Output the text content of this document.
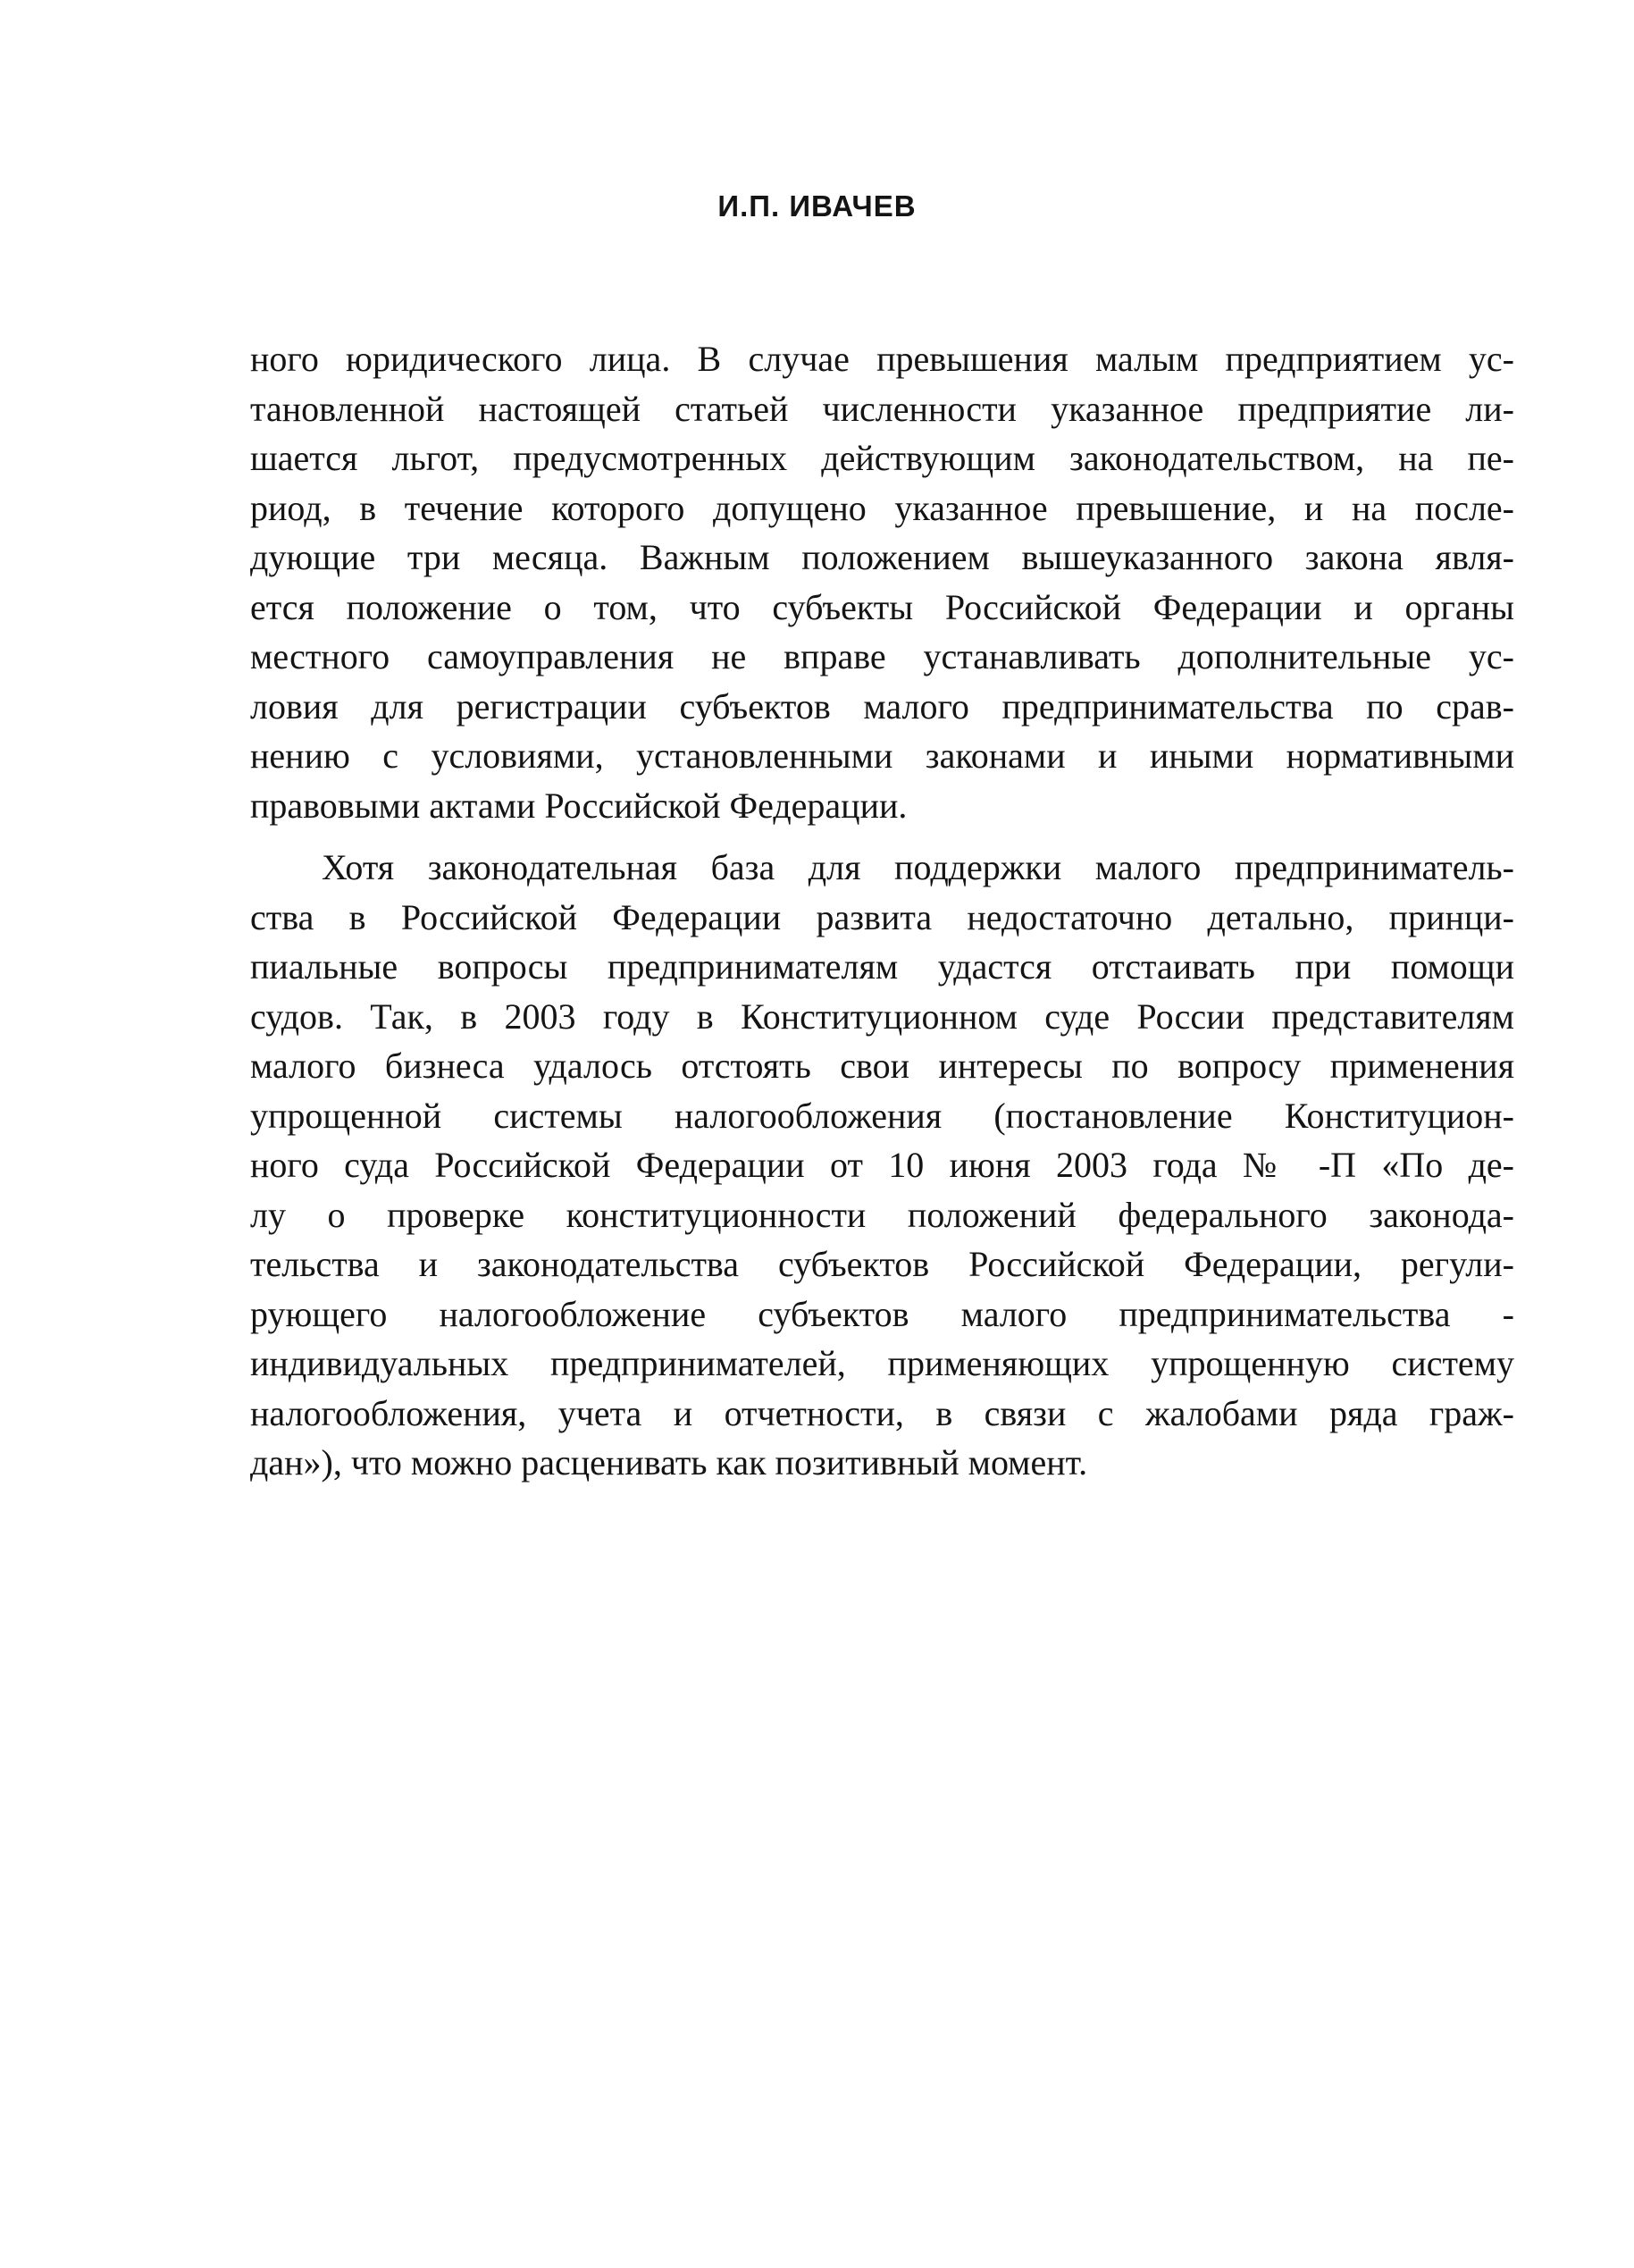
И.П. ИВАЧЕВ
ного юридического лица. В случае превышения малым предприятием ус-
тановленной настоящей статьей численности указанное предприятие ли-
шается льгот, предусмотренных действующим законодательством, на пе-
риод, в течение которого допущено указанное превышение, и на после-
дующие три месяца. Важным положением вышеуказанного закона явля-
ется положение о том, что субъекты Российской Федерации и органы
местного самоуправления не вправе устанавливать дополнительные ус-
ловия для регистрации субъектов малого предпринимательства по срав-
нению с условиями, установленными законами и иными нормативными
правовыми актами Российской Федерации.
Хотя законодательная база для поддержки малого предприниматель-
ства в Российской Федерации развита недостаточно детально, принци-
пиальные вопросы предпринимателям удастся отстаивать при помощи
судов. Так, в 2003 году в Конституционном суде России представителям
малого бизнеса удалось отстоять свои интересы по вопросу применения
упрощенной системы налогообложения (постановление Конституцион-
ного суда Российской Федерации от 10 июня 2003 года № -П «По де-
лу о проверке конституционности положений федерального законода-
тельства и законодательства субъектов Российской Федерации, регули-
рующего налогообложение субъектов малого предпринимательства -
индивидуальных предпринимателей, применяющих упрощенную систему
налогообложения, учета и отчетности, в связи с жалобами ряда граж-
дан»), что можно расценивать как позитивный момент.
